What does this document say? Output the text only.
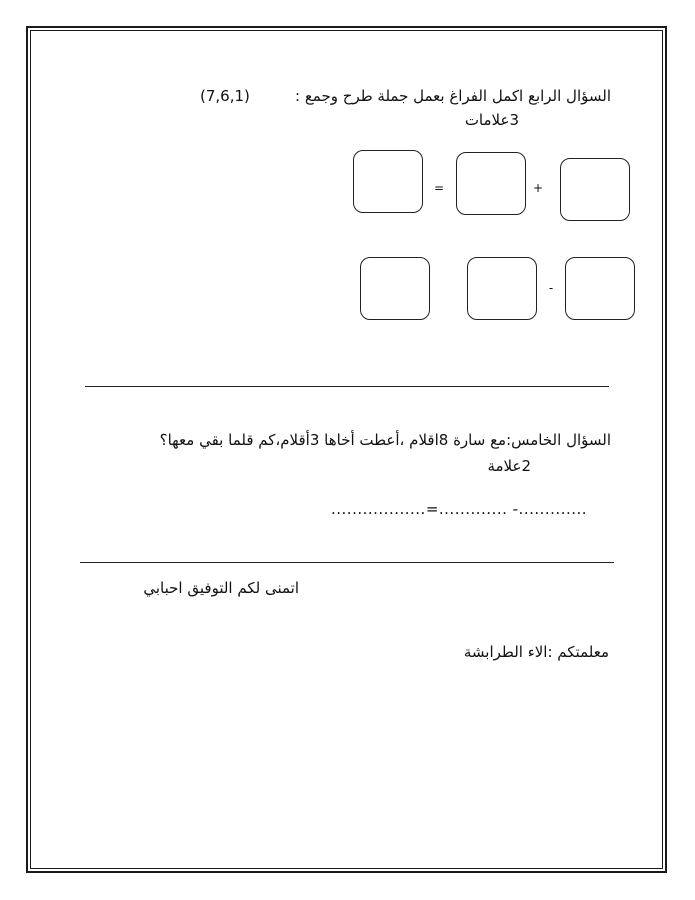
السؤال الرابع اكمل الفراغ بعمل جملة طرح وجمع :
(7,6,1)
3علامات
=	+
-
السؤال الخامس:مع سارة 8اقلام ،أعطت أخاها 3أقلام،كم قلما بقي معها؟
2علامة
..................=............. -.............
اتمنى لكم التوفيق احبابي
معلمتكم :الاء الطرابشة
